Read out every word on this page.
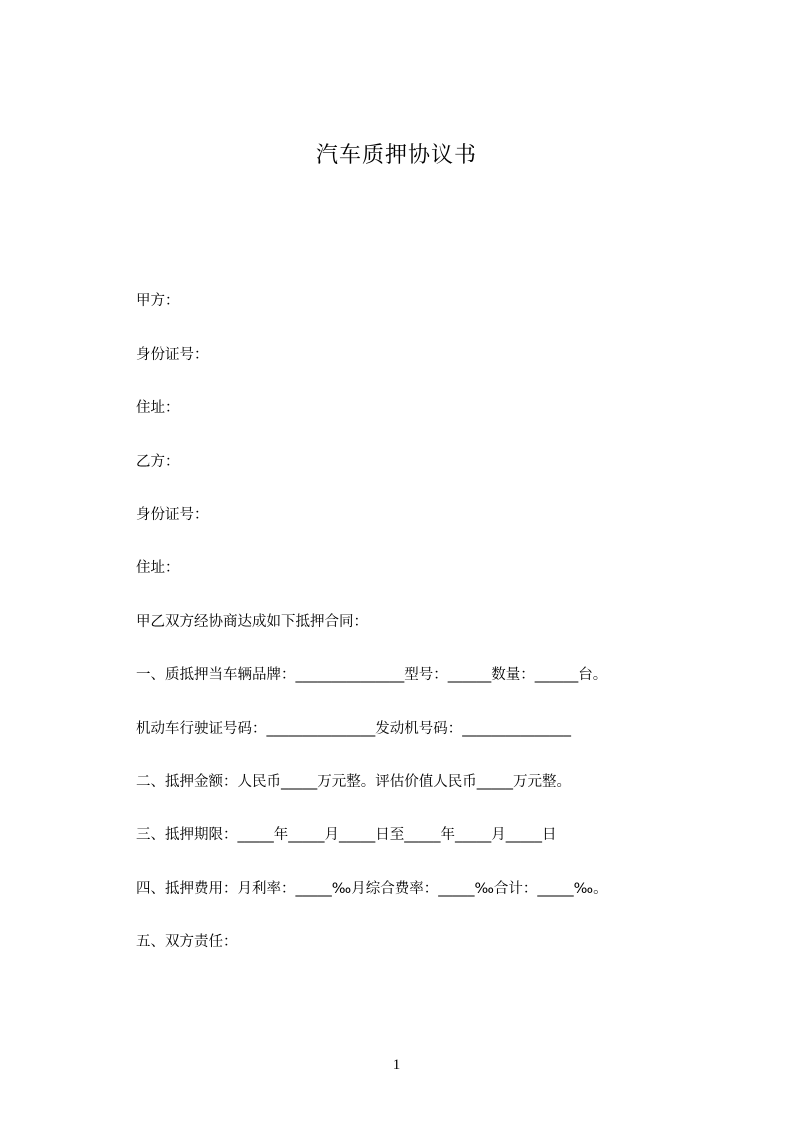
汽车质押协议书

甲方：

身份证号：

住址：

乙方：

身份证号：

住址：

甲乙双方经协商达成如下抵押合同：

一、质抵押当车辆品牌：_______________型号：______数量：______台。

机动车行驶证号码：_______________发动机号码：_______________

二、抵押金额：人民币_____万元整。评估价值人民币_____万元整。

三、抵押期限：_____年_____月_____日至_____年_____月_____日

四、抵押费用：月利率：_____‰月综合费率：_____‰合计：_____‰。

五、双方责任：

1
